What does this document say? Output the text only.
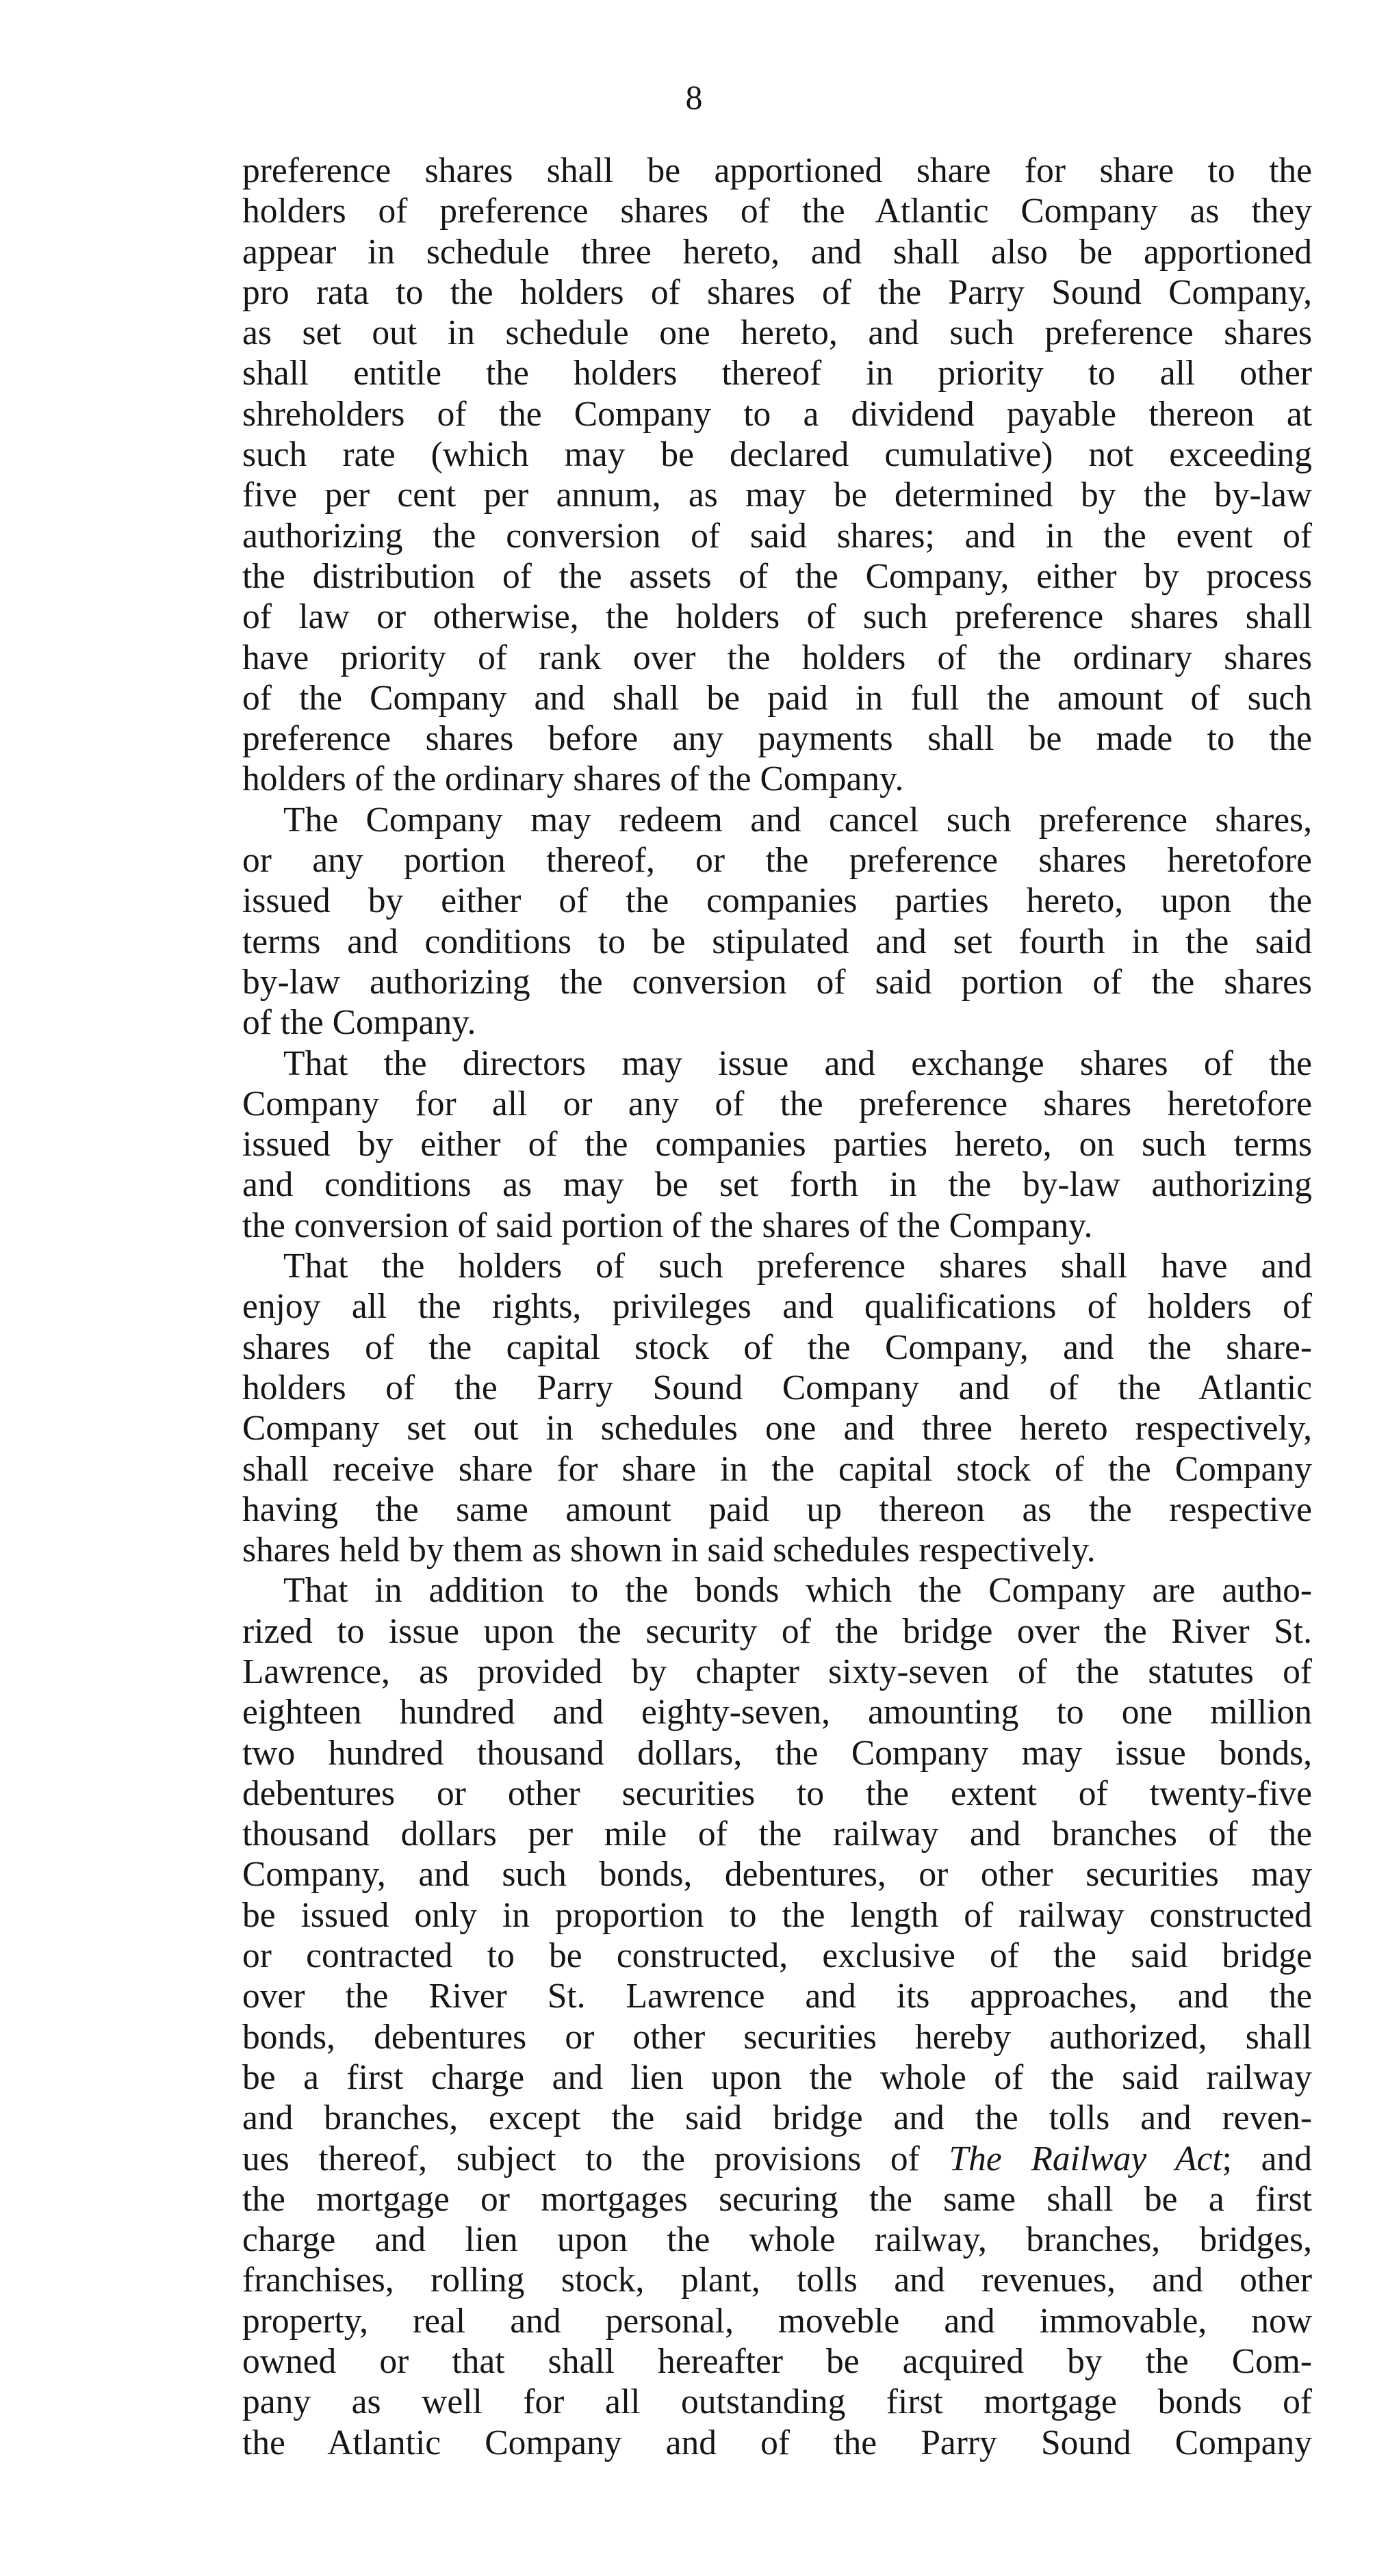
8
preference shares shall be apportioned share for share to the
holders of preference shares of the Atlantic Company as they
appear in schedule three hereto, and shall also be apportioned
pro rata to the holders of shares of the Parry Sound Company,
as set out in schedule one hereto, and such preference shares
shall entitle the holders thereof in priority to all other
shreholders of the Company to a dividend payable thereon at
such rate (which may be declared cumulative) not exceeding
five per cent per annum, as may be determined by the by-law
authorizing the conversion of said shares; and in the event of
the distribution of the assets of the Company, either by process
of law or otherwise, the holders of such preference shares shall
have priority of rank over the holders of the ordinary shares
of the Company and shall be paid in full the amount of such
preference shares before any payments shall be made to the
holders of the ordinary shares of the Company.
The Company may redeem and cancel such preference shares,
or any portion thereof, or the preference shares heretofore
issued by either of the companies parties hereto, upon the
terms and conditions to be stipulated and set fourth in the said
by-law authorizing the conversion of said portion of the shares
of the Company.
That the directors may issue and exchange shares of the
Company for all or any of the preference shares heretofore
issued by either of the companies parties hereto, on such terms
and conditions as may be set forth in the by-law authorizing
the conversion of said portion of the shares of the Company.
That the holders of such preference shares shall have and
enjoy all the rights, privileges and qualifications of holders of
shares of the capital stock of the Company, and the share-
holders of the Parry Sound Company and of the Atlantic
Company set out in schedules one and three hereto respectively,
shall receive share for share in the capital stock of the Company
having the same amount paid up thereon as the respective
shares held by them as shown in said schedules respectively.
That in addition to the bonds which the Company are autho-
rized to issue upon the security of the bridge over the River St.
Lawrence, as provided by chapter sixty-seven of the statutes of
eighteen hundred and eighty-seven, amounting to one million
two hundred thousand dollars, the Company may issue bonds,
debentures or other securities to the extent of twenty-five
thousand dollars per mile of the railway and branches of the
Company, and such bonds, debentures, or other securities may
be issued only in proportion to the length of railway constructed
or contracted to be constructed, exclusive of the said bridge
over the River St. Lawrence and its approaches, and the
bonds, debentures or other securities hereby authorized, shall
be a first charge and lien upon the whole of the said railway
and branches, except the said bridge and the tolls and reven-
ues thereof, subject to the provisions of The Railway Act; and
the mortgage or mortgages securing the same shall be a first
charge and lien upon the whole railway, branches, bridges,
franchises, rolling stock, plant, tolls and revenues, and other
property, real and personal, moveble and immovable, now
owned or that shall hereafter be acquired by the Com-
pany as well for all outstanding first mortgage bonds of
the Atlantic Company and of the Parry Sound Company
